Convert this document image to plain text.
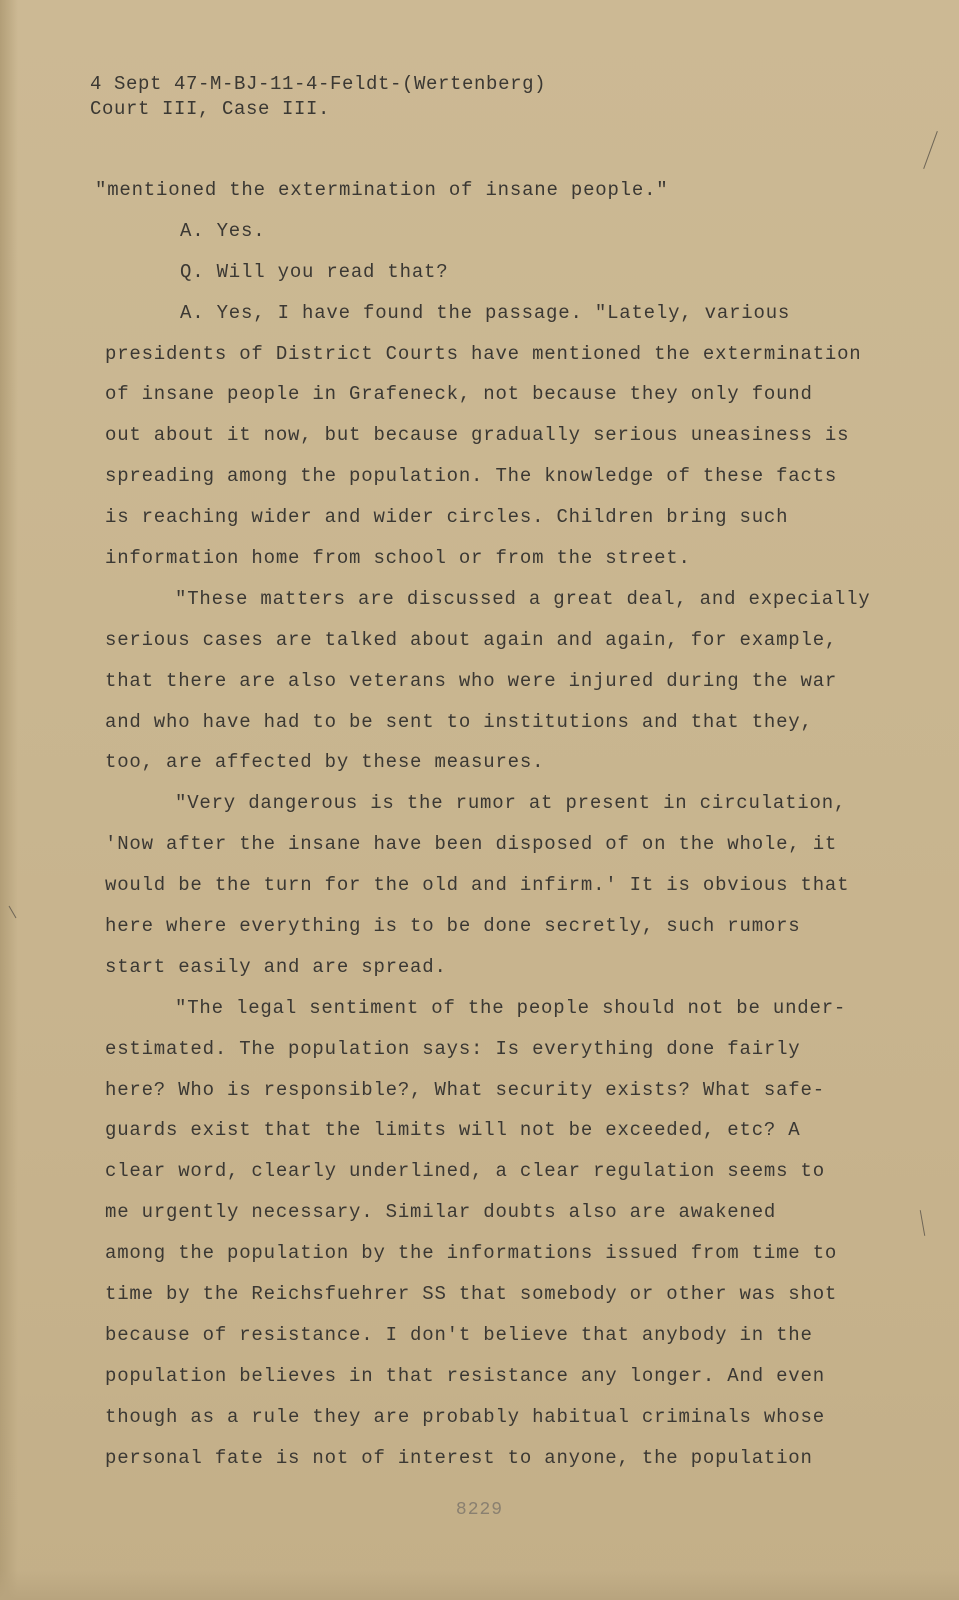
4 Sept 47-M-BJ-11-4-Feldt-(Wertenberg)
Court III, Case III.
"mentioned the extermination of insane people."
A. Yes.
Q. Will you read that?
A. Yes, I have found the passage. "Lately, various
presidents of District Courts have mentioned the extermination
of insane people in Grafeneck, not because they only found
out about it now, but because gradually serious uneasiness is
spreading among the population. The knowledge of these facts
is reaching wider and wider circles. Children bring such
information home from school or from the street.
"These matters are discussed a great deal, and expecially
serious cases are talked about again and again, for example,
that there are also veterans who were injured during the war
and who have had to be sent to institutions and that they,
too, are affected by these measures.
"Very dangerous is the rumor at present in circulation,
'Now after the insane have been disposed of on the whole, it
would be the turn for the old and infirm.' It is obvious that
here where everything is to be done secretly, such rumors
start easily and are spread.
"The legal sentiment of the people should not be under-
estimated. The population says: Is everything done fairly
here? Who is responsible?, What security exists? What safe-
guards exist that the limits will not be exceeded, etc? A
clear word, clearly underlined, a clear regulation seems to
me urgently necessary. Similar doubts also are awakened
among the population by the informations issued from time to
time by the Reichsfuehrer SS that somebody or other was shot
because of resistance. I don't believe that anybody in the
population believes in that resistance any longer. And even
though as a rule they are probably habitual criminals whose
personal fate is not of interest to anyone, the population
8229
